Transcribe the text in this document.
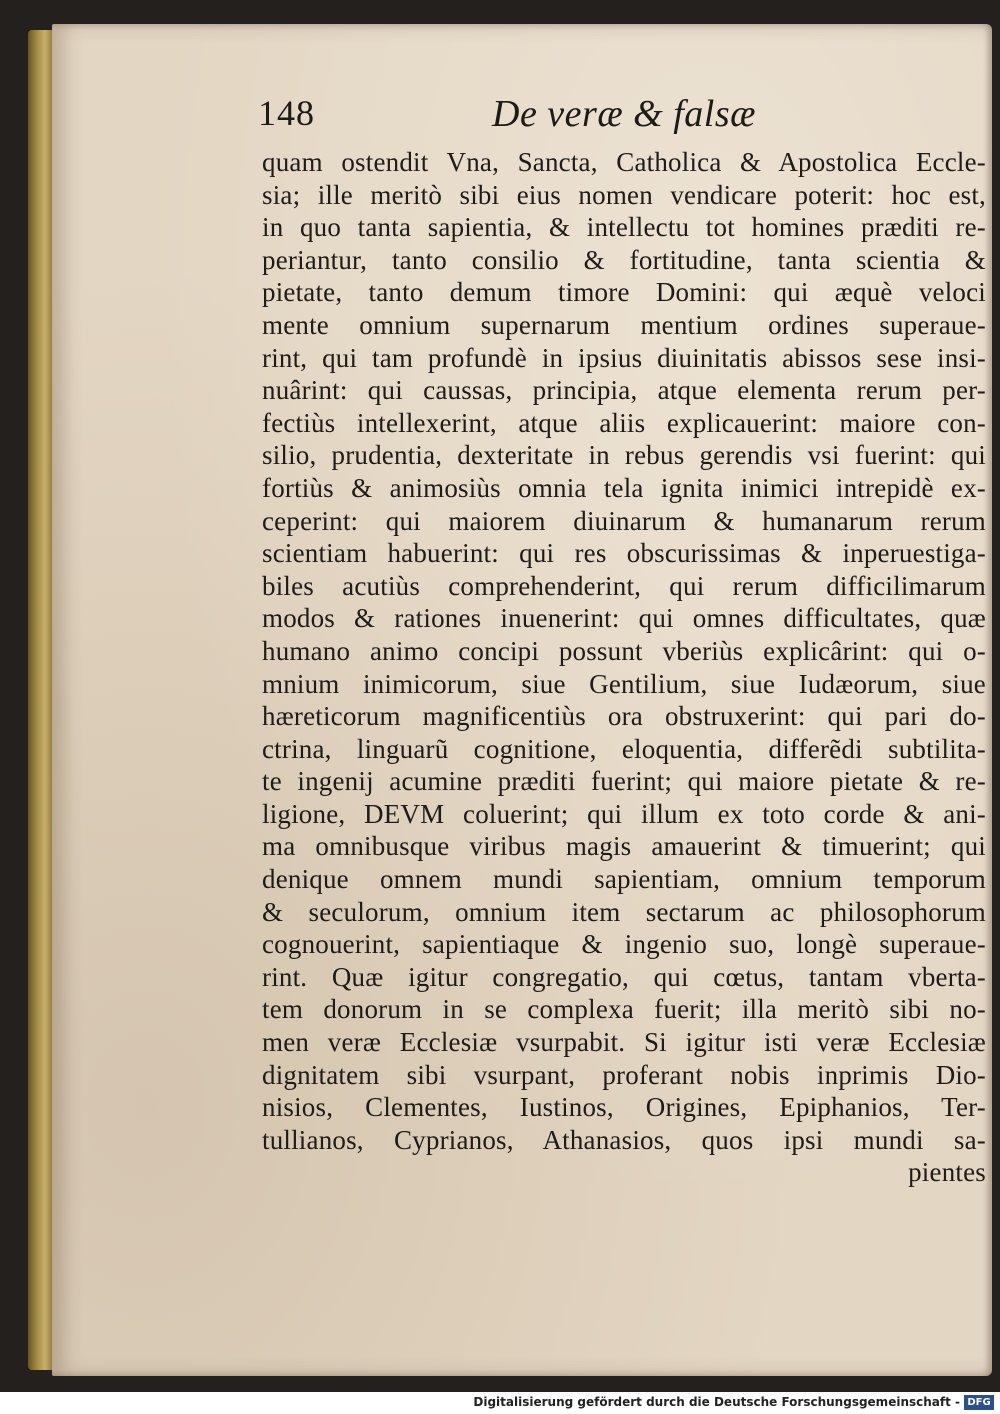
148	De veræ & falsæ
quam ostendit Vna, Sancta, Catholica & Apostolica Eccle-
sia; ille meritò sibi eius nomen vendicare poterit: hoc est,
in quo tanta sapientia, & intellectu tot homines præditi re-
periantur, tanto consilio & fortitudine, tanta scientia &
pietate, tanto demum timore Domini: qui æquè veloci
mente omnium supernarum mentium ordines superaue-
rint, qui tam profundè in ipsius diuinitatis abissos sese insi-
nuârint: qui caussas, principia, atque elementa rerum per-
fectiùs intellexerint, atque aliis explicauerint: maiore con-
silio, prudentia, dexteritate in rebus gerendis vsi fuerint: qui
fortiùs & animosiùs omnia tela ignita inimici intrepidè ex-
ceperint: qui maiorem diuinarum & humanarum rerum
scientiam habuerint: qui res obscurissimas & inperuestiga-
biles acutiùs comprehenderint, qui rerum difficilimarum
modos & rationes inuenerint: qui omnes difficultates, quæ
humano animo concipi possunt vberiùs explicârint: qui o-
mnium inimicorum, siue Gentilium, siue Iudæorum, siue
hæreticorum magnificentiùs ora obstruxerint: qui pari do-
ctrina, linguarũ cognitione, eloquentia, differẽdi subtilita-
te ingenij acumine præditi fuerint; qui maiore pietate & re-
ligione, DEVM coluerint; qui illum ex toto corde & ani-
ma omnibusque viribus magis amauerint & timuerint; qui
denique omnem mundi sapientiam, omnium temporum
& seculorum, omnium item sectarum ac philosophorum
cognouerint, sapientiaque & ingenio suo, longè superaue-
rint. Quæ igitur congregatio, qui cœtus, tantam vberta-
tem donorum in se complexa fuerit; illa meritò sibi no-
men veræ Ecclesiæ vsurpabit. Si igitur isti veræ Ecclesiæ
dignitatem sibi vsurpant, proferant nobis inprimis Dio-
nisios, Clementes, Iustinos, Origines, Epiphanios, Ter-
tullianos, Cyprianos, Athanasios, quos ipsi mundi sa-
pientes
Digitalisierung gefördert durch die Deutsche Forschungsgemeinschaft - DFG
